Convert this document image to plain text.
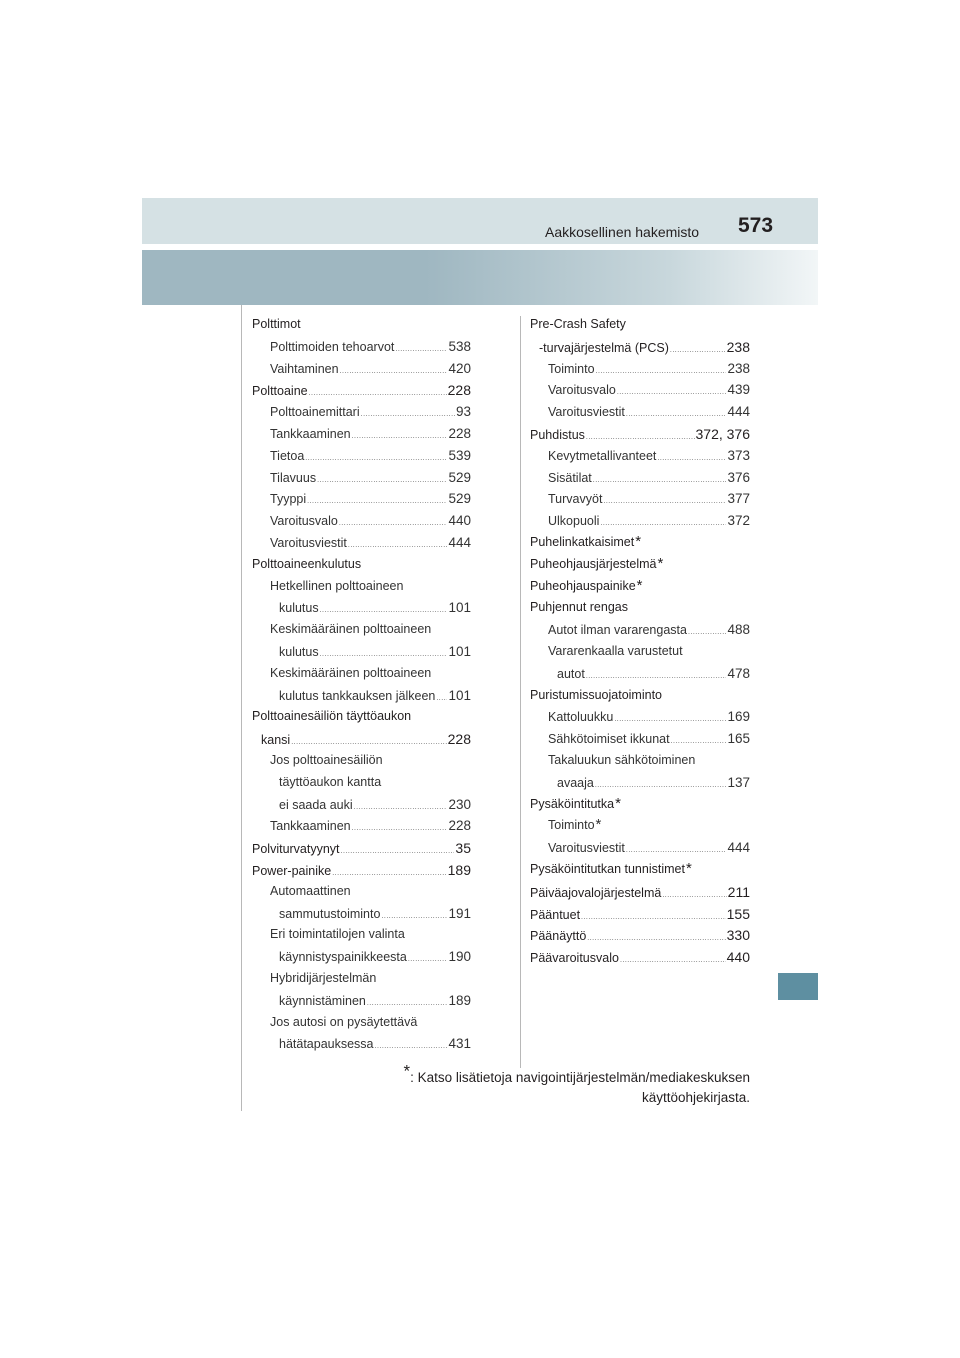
Aakkosellinen hakemisto 573
Polttimot
Polttimoiden tehoarvot .....	538
Vaihtaminen .....	420
Polttoaine .....	228
Polttoainemittari .....	93
Tankkaaminen .....	228
Tietoa .....	539
Tilavuus .....	529
Tyyppi .....	529
Varoitusvalo .....	440
Varoitusviestit .....	444
Polttoaineenkulutus
Hetkellinen polttoaineen
kulutus .....	101
Keskimääräinen polttoaineen
kulutus .....	101
Keskimääräinen polttoaineen
kulutus tankkauksen jälkeen ..... 101
Polttoainesäiliön täyttöaukon
kansi .....	228
Jos polttoainesäiliön
täyttöaukon kantta
ei saada auki .....	230
Tankkaaminen .....	228
Polviturvatyynyt .....	35
Power-painike .....	189
Automaattinen
sammutustoiminto .....	191
Eri toimintatilojen valinta
käynnistyspainikkeesta .....	190
Hybridijärjestelmän
käynnistäminen .....	189
Jos autosi on pysäytettävä
hätätapauksessa .....	431
Pre-Crash Safety
-turvajärjestelmä (PCS) .....	238
Toiminto .....	238
Varoitusvalo .....	439
Varoitusviestit .....	444
Puhdistus .....	372, 376
Kevytmetallivanteet .....	373
Sisätilat .....	376
Turvavyöt .....	377
Ulkopuoli .....	372
Puhelinkatkaisimet *
Puheohjausjärjestelmä *
Puheohjauspainike *
Puhjennut rengas
Autot ilman vararengasta .....	488
Vararenkaalla varustetut
autot .....	478
Puristumissuojatoiminto
Kattoluukku .....	169
Sähkötoimiset ikkunat .....	165
Takaluukun sähkötoiminen
avaaja .....	137
Pysäköintitutka *
Toiminto *
Varoitusviestit .....	444
Pysäköintitutkan tunnistimet *
Päiväajovalojärjestelmä .....	211
Pääntuet .....	155
Päänäyttö .....	330
Päävaroitusvalo .....	440
*: Katso lisätietoja navigointijärjestelmän/mediakeskuksen
käyttöohjekirjasta.
